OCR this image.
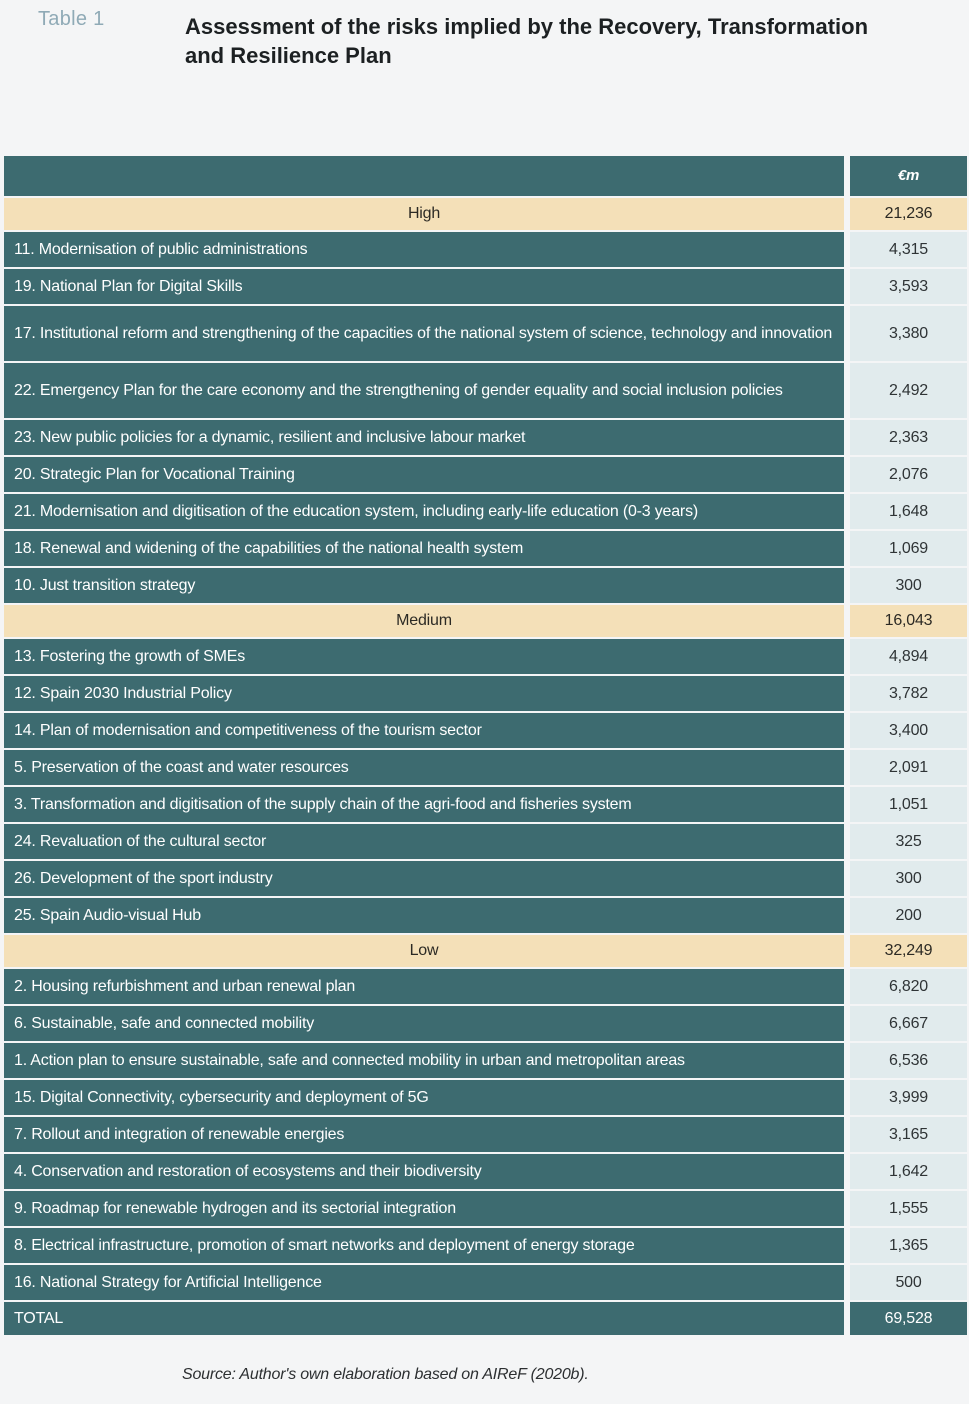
Table 1	Assessment of the risks implied by the Recovery, Transformation and Resilience Plan
€m
High	21,236
11. Modernisation of public administrations	4,315
19. National Plan for Digital Skills	3,593
17. Institutional reform and strengthening of the capacities of the national system of science, technology and innovation	3,380
22. Emergency Plan for the care economy and the strengthening of gender equality and social inclusion policies	2,492
23. New public policies for a dynamic, resilient and inclusive labour market	2,363
20. Strategic Plan for Vocational Training	2,076
21. Modernisation and digitisation of the education system, including early-life education (0-3 years)	1,648
18. Renewal and widening of the capabilities of the national health system	1,069
10. Just transition strategy	300
Medium	16,043
13. Fostering the growth of SMEs	4,894
12. Spain 2030 Industrial Policy	3,782
14. Plan of modernisation and competitiveness of the tourism sector	3,400
5. Preservation of the coast and water resources	2,091
3. Transformation and digitisation of the supply chain of the agri-food and fisheries system	1,051
24. Revaluation of the cultural sector	325
26. Development of the sport industry	300
25. Spain Audio-visual Hub	200
Low	32,249
2. Housing refurbishment and urban renewal plan	6,820
6. Sustainable, safe and connected mobility	6,667
1. Action plan to ensure sustainable, safe and connected mobility in urban and metropolitan areas	6,536
15. Digital Connectivity, cybersecurity and deployment of 5G	3,999
7. Rollout and integration of renewable energies	3,165
4. Conservation and restoration of ecosystems and their biodiversity	1,642
9. Roadmap for renewable hydrogen and its sectorial integration	1,555
8. Electrical infrastructure, promotion of smart networks and deployment of energy storage	1,365
16. National Strategy for Artificial Intelligence	500
TOTAL	69,528
Source: Author's own elaboration based on AIReF (2020b).
